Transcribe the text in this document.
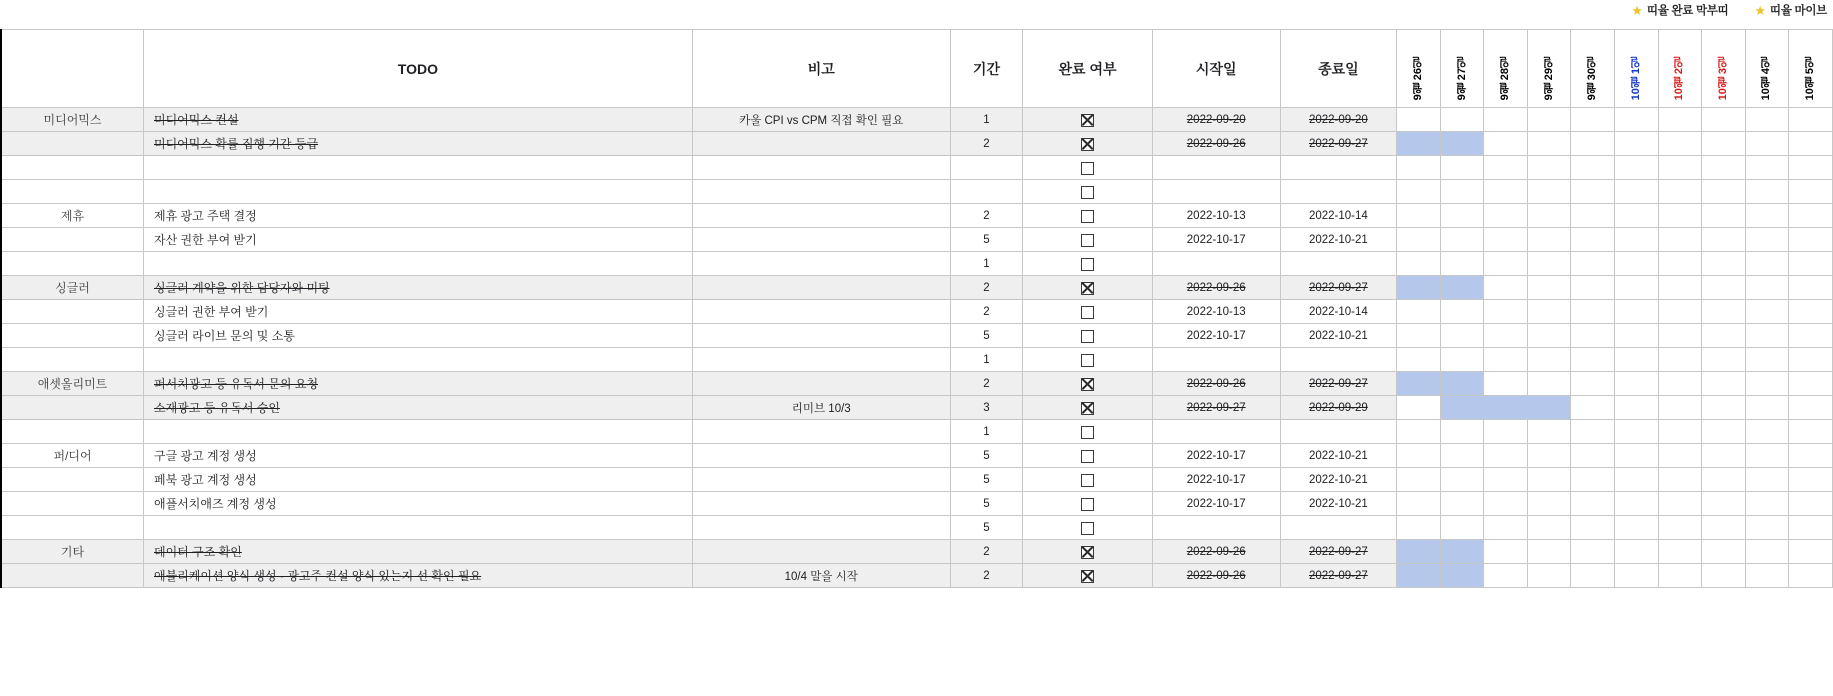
★ 띠율 완료 막부띠 ★ 띠율 마이브
	TODO	비고	기간	완료 여부	시작일	종료일	9월 26일	9월 27일	9월 28일	9월 29일	9월 30일	10월 1일	10월 2일	10월 3일	10월 4일	10월 5일
미디어믹스	미디어믹스 컨설	카울 CPI vs CPM 직접 확인 필요	1		2022-09-20	2022-09-20										
	미디어믹스 확률 집행 기간 등급		2		2022-09-26	2022-09-27										

제휴	제휴 광고 주택 결정		2		2022-10-13	2022-10-14										
	자산 권한 부여 받기		5		2022-10-17	2022-10-21										
			1													
싱글러	싱글러 계약을 위한 담당자와 미팅		2		2022-09-26	2022-09-27										
	싱글러 권한 부여 받기		2		2022-10-13	2022-10-14										
	싱글러 라이브 문의 및 소통		5		2022-10-17	2022-10-21										
			1													
애셋올리미트	퍼서치광고 등 유독서 문의 요청		2		2022-09-26	2022-09-27										
	소재광고 등 유독서 승인	리미브 10/3	3		2022-09-27	2022-09-29										
			1													
퍼/디어	구글 광고 계정 생성		5		2022-10-17	2022-10-21										
	페북 광고 계정 생성		5		2022-10-17	2022-10-21										
	애플서치애즈 계정 생성		5		2022-10-17	2022-10-21										
			5													
기타	데이터 구조 확인		2		2022-09-26	2022-09-27										
	애뷸리케이션 양식 생성 · 광고주 컨설 양식 있는지 선 확인 필요	10/4 말을 시작	2		2022-09-26	2022-09-27										
